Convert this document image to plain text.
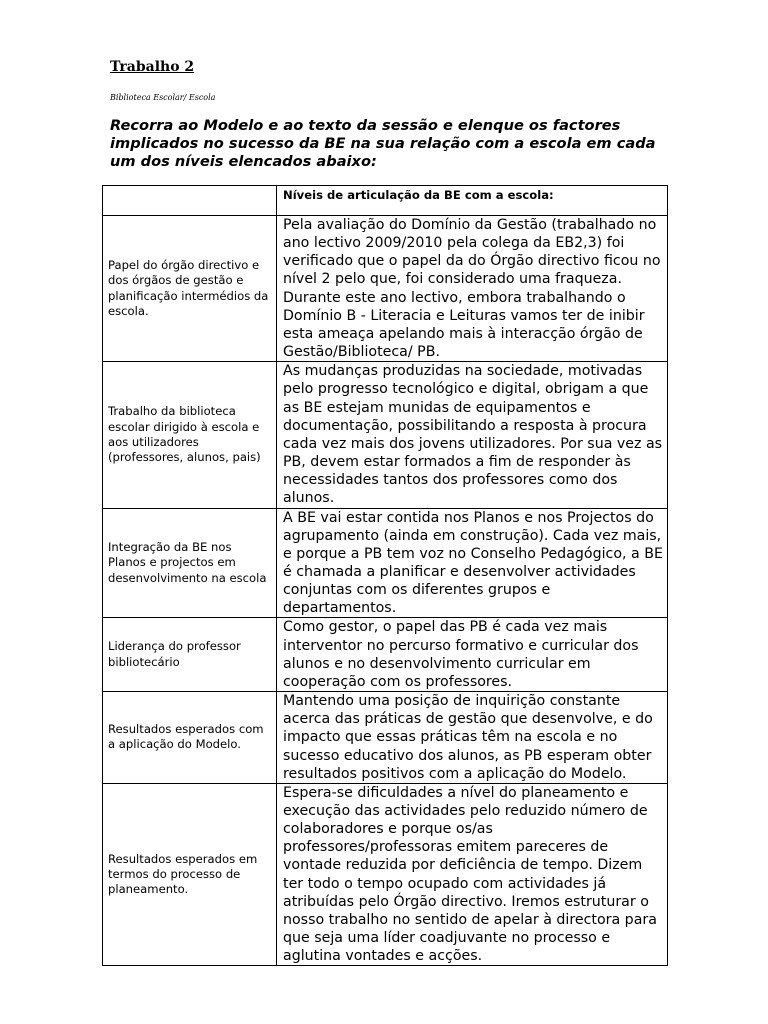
Trabalho 2
Biblioteca Escolar/ Escola
Recorra ao Modelo e ao texto da sessão e elenque os factores implicados no sucesso da BE na sua relação com a escola em cada um dos níveis elencados abaixo:
	Níveis de articulação da BE com a escola:
Papel do órgão directivo e dos órgãos de gestão e planificação intermédios da escola.	Pela avaliação do Domínio da Gestão (trabalhado no ano lectivo 2009/2010 pela colega da EB2,3) foi verificado que o papel da do Órgão directivo ficou no nível 2 pelo que, foi considerado uma fraqueza. Durante este ano lectivo, embora trabalhando o Domínio B - Literacia e Leituras vamos ter de inibir esta ameaça apelando mais à interacção órgão de Gestão/Biblioteca/ PB.
Trabalho da biblioteca escolar dirigido à escola e aos utilizadores (professores, alunos, pais)	As mudanças produzidas na sociedade, motivadas pelo progresso tecnológico e digital, obrigam a que as BE estejam munidas de equipamentos e documentação, possibilitando a resposta à procura cada vez mais dos jovens utilizadores. Por sua vez as PB, devem estar formados a fim de responder às necessidades tantos dos professores como dos alunos.
Integração da BE nos Planos e projectos em desenvolvimento na escola	A BE vai estar contida nos Planos e nos Projectos do agrupamento (ainda em construção). Cada vez mais, e porque a PB tem voz no Conselho Pedagógico, a BE é chamada a planificar e desenvolver actividades conjuntas com os diferentes grupos e departamentos.
Liderança do professor bibliotecário	Como gestor, o papel das PB é cada vez mais interventor no percurso formativo e curricular dos alunos e no desenvolvimento curricular em cooperação com os professores.
Resultados esperados com a aplicação do Modelo.	Mantendo uma posição de inquirição constante acerca das práticas de gestão que desenvolve, e do impacto que essas práticas têm na escola e no sucesso educativo dos alunos, as PB esperam obter resultados positivos com a aplicação do Modelo.
Resultados esperados em termos do processo de planeamento.	Espera-se dificuldades a nível do planeamento e execução das actividades pelo reduzido número de colaboradores e porque os/as professores/professoras emitem pareceres de vontade reduzida por deficiência de tempo. Dizem ter todo o tempo ocupado com actividades já atribuídas pelo Órgão directivo. Iremos estruturar o nosso trabalho no sentido de apelar à directora para que seja uma líder coadjuvante no processo e aglutina vontades e acções.
